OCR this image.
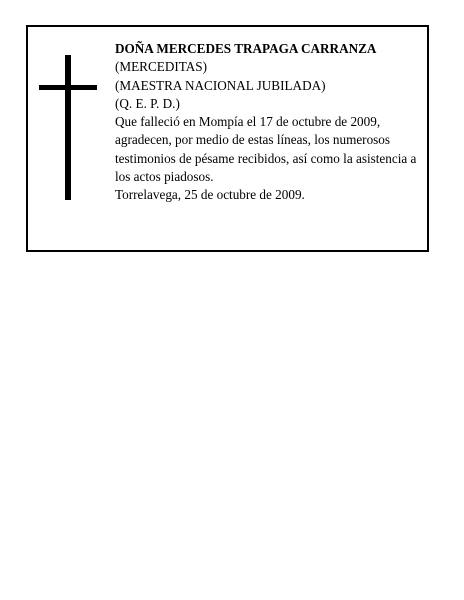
DOÑA MERCEDES TRAPAGA CARRANZA
(MERCEDITAS)
(MAESTRA NACIONAL JUBILADA)
(Q. E. P. D.)
Que falleció en Mompía el 17 de octubre de 2009, agradecen, por medio de estas líneas, los numerosos testimonios de pésame recibidos, así como la asistencia a los actos piadosos.
Torrelavega, 25 de octubre de 2009.
